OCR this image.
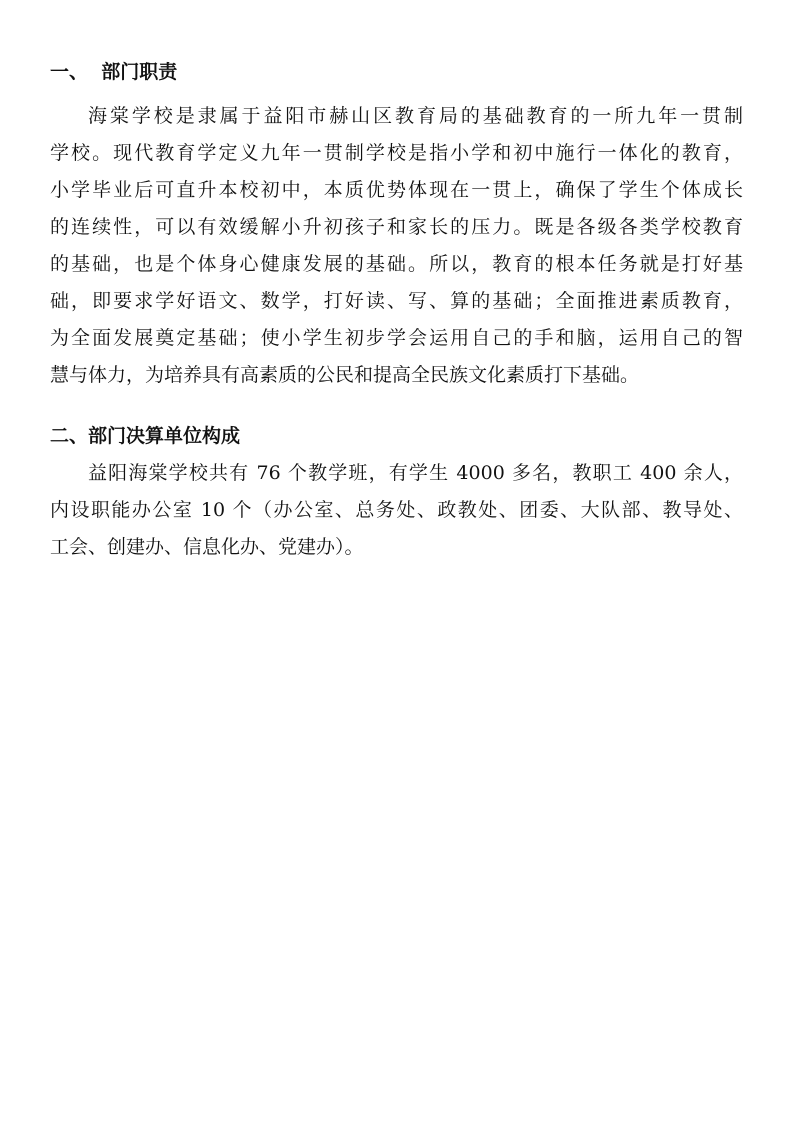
一、  部门职责

海棠学校是隶属于益阳市赫山区教育局的基础教育的一所九年一贯制

学校。现代教育学定义九年一贯制学校是指小学和初中施行一体化的教育，

小学毕业后可直升本校初中，本质优势体现在一贯上，确保了学生个体成长

的连续性，可以有效缓解小升初孩子和家长的压力。既是各级各类学校教育

的基础，也是个体身心健康发展的基础。所以，教育的根本任务就是打好基

础，即要求学好语文、数学，打好读、写、算的基础；全面推进素质教育，

为全面发展奠定基础；使小学生初步学会运用自己的手和脑，运用自己的智

慧与体力，为培养具有高素质的公民和提高全民族文化素质打下基础。

二、部门决算单位构成

益阳海棠学校共有 76 个教学班，有学生 4000 多名，教职工 400 余人，

内设职能办公室 10 个（办公室、总务处、政教处、团委、大队部、教导处、

工会、创建办、信息化办、党建办）。
